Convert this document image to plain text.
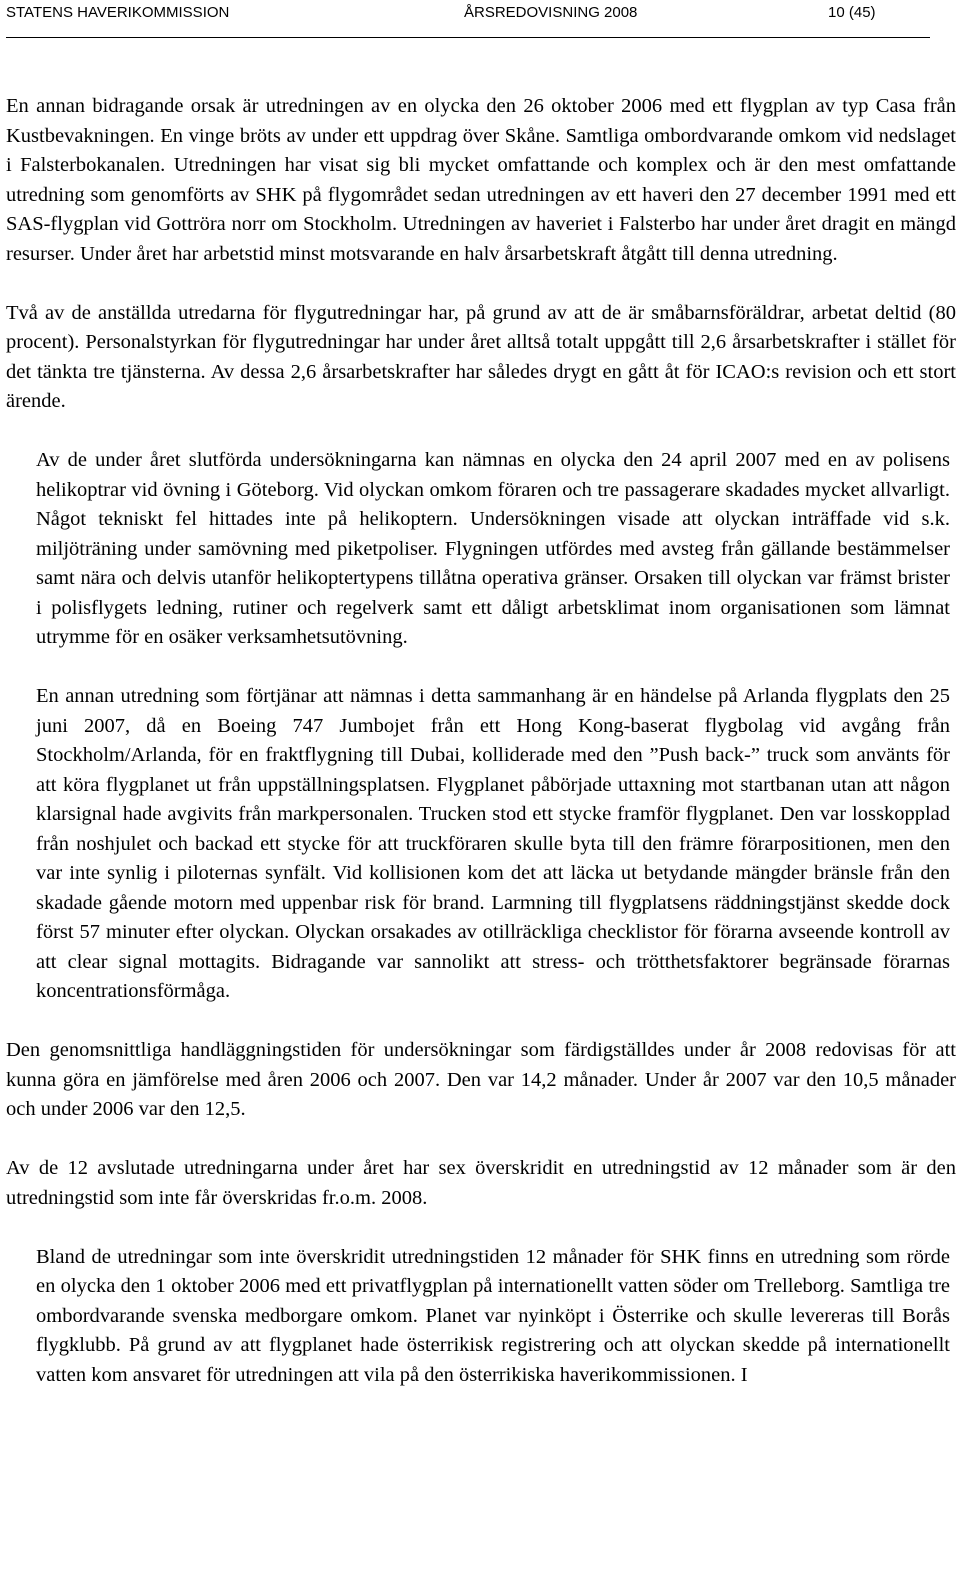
STATENS HAVERIKOMMISSION	ÅRSREDOVISNING 2008	10 (45)

En annan bidragande orsak är utredningen av en olycka den 26 oktober 2006 med ett flygplan av typ Casa från Kustbevakningen. En vinge bröts av under ett uppdrag över Skåne. Samtliga ombordvarande omkom vid nedslaget i Falsterbokanalen. Utredningen har visat sig bli mycket omfattande och komplex och är den mest omfattande utredning som genomförts av SHK på flygområdet sedan utredningen av ett haveri den 27 december 1991 med ett SAS-flygplan vid Gottröra norr om Stockholm. Utredningen av haveriet i Falsterbo har under året dragit en mängd resurser. Under året har arbetstid minst motsvarande en halv årsarbetskraft åtgått till denna utredning.

Två av de anställda utredarna för flygutredningar har, på grund av att de är småbarnsföräldrar, arbetat deltid (80 procent). Personalstyrkan för flygutredningar har under året alltså totalt uppgått till 2,6 årsarbetskrafter i stället för det tänkta tre tjänsterna. Av dessa 2,6 årsarbetskrafter har således drygt en gått åt för ICAO:s revision och ett stort ärende.

Av de under året slutförda undersökningarna kan nämnas en olycka den 24 april 2007 med en av polisens helikoptrar vid övning i Göteborg. Vid olyckan omkom föraren och tre passagerare skadades mycket allvarligt. Något tekniskt fel hittades inte på helikoptern. Undersökningen visade att olyckan inträffade vid s.k. miljöträning under samövning med piketpoliser. Flygningen utfördes med avsteg från gällande bestämmelser samt nära och delvis utanför helikoptertypens tillåtna operativa gränser. Orsaken till olyckan var främst brister i polisflygets ledning, rutiner och regelverk samt ett dåligt arbetsklimat inom organisationen som lämnat utrymme för en osäker verksamhetsutövning.

En annan utredning som förtjänar att nämnas i detta sammanhang är en händelse på Arlanda flygplats den 25 juni 2007, då en Boeing 747 Jumbojet från ett Hong Kong-baserat flygbolag vid avgång från Stockholm/Arlanda, för en fraktflygning till Dubai, kolliderade med den ”Push back-” truck som använts för att köra flygplanet ut från uppställningsplatsen. Flygplanet påbörjade uttaxning mot startbanan utan att någon klarsignal hade avgivits från markpersonalen. Trucken stod ett stycke framför flygplanet. Den var losskopplad från noshjulet och backad ett stycke för att truckföraren skulle byta till den främre förarpositionen, men den var inte synlig i piloternas synfält. Vid kollisionen kom det att läcka ut betydande mängder bränsle från den skadade gående motorn med uppenbar risk för brand. Larmning till flygplatsens räddningstjänst skedde dock först 57 minuter efter olyckan. Olyckan orsakades av otillräckliga checklistor för förarna avseende kontroll av att clear signal mottagits. Bidragande var sannolikt att stress- och trötthetsfaktorer begränsade förarnas koncentrationsförmåga.

Den genomsnittliga handläggningstiden för undersökningar som färdigställdes under år 2008 redovisas för att kunna göra en jämförelse med åren 2006 och 2007. Den var 14,2 månader. Under år 2007 var den 10,5 månader och under 2006 var den 12,5.

Av de 12 avslutade utredningarna under året har sex överskridit en utredningstid av 12 månader som är den utredningstid som inte får överskridas fr.o.m. 2008.

Bland de utredningar som inte överskridit utredningstiden 12 månader för SHK finns en utredning som rörde en olycka den 1 oktober 2006 med ett privatflygplan på internationellt vatten söder om Trelleborg. Samtliga tre ombordvarande svenska medborgare omkom. Planet var nyinköpt i Österrike och skulle levereras till Borås flygklubb. På grund av att flygplanet hade österrikisk registrering och att olyckan skedde på internationellt vatten kom ansvaret för utredningen att vila på den österrikiska haverikommissionen. I
